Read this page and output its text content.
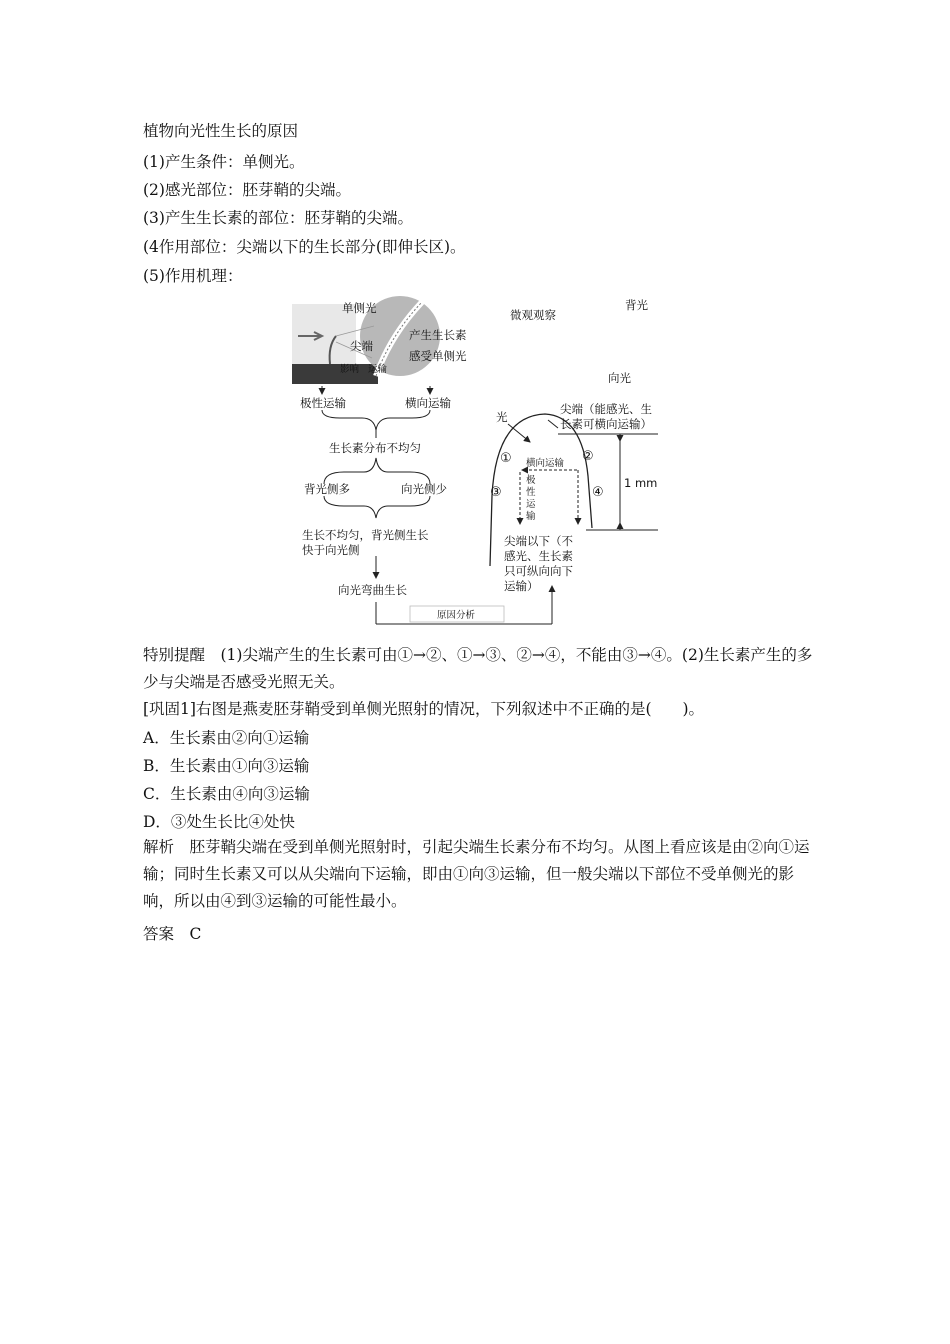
植物向光性生长的原因
(1)产生条件：单侧光。
(2)感光部位：胚芽鞘的尖端。
(3)产生生长素的部位：胚芽鞘的尖端。
(4作用部位：尖端以下的生长部分(即伸长区)。
(5)作用机理：
单侧光
尖端
产生生长素
感受单侧光
影响 运输
极性运输	横向运输
生长素分布不均匀
背光侧多	向光侧少
生长不均匀，背光侧生长
快于向光侧
向光弯曲生长
原因分析
微观观察
光
背光
向光
光
尖端（能感光、生
长素可横向运输）
①	②
③	④
横向运输
极
性
运
输
1 mm
尖端以下（不
感光、生长素
只可纵向向下
运输）
特别提醒　(1)尖端产生的生长素可由①→②、①→③、②→④，不能由③→④。(2)生长素产生的多少与尖端是否感受光照无关。
[巩固1]右图是燕麦胚芽鞘受到单侧光照射的情况，下列叙述中不正确的是(　　)。
A．生长素由②向①运输
B．生长素由①向③运输
C．生长素由④向③运输
D．③处生长比④处快
解析　胚芽鞘尖端在受到单侧光照射时，引起尖端生长素分布不均匀。从图上看应该是由②向①运输；同时生长素又可以从尖端向下运输，即由①向③运输，但一般尖端以下部位不受单侧光的影响，所以由④到③运输的可能性最小。
答案　C
